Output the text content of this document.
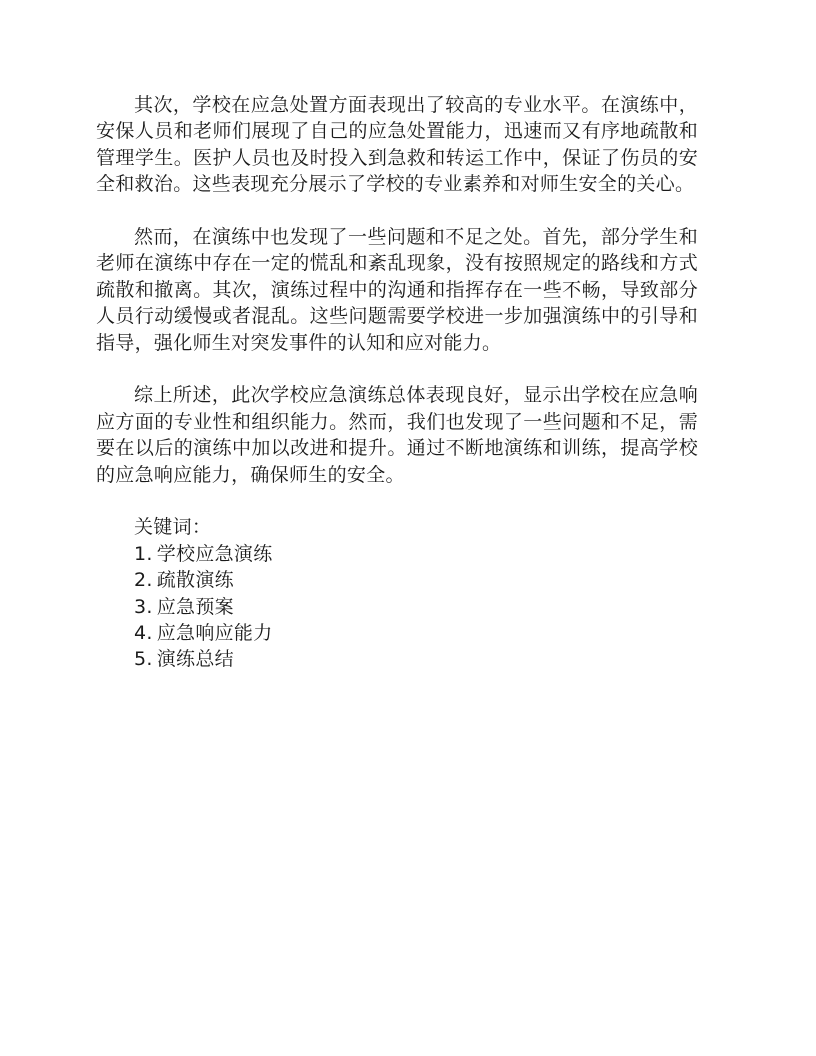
其次，学校在应急处置方面表现出了较高的专业水平。在演练中，安保人员和老师们展现了自己的应急处置能力，迅速而又有序地疏散和管理学生。医护人员也及时投入到急救和转运工作中，保证了伤员的安全和救治。这些表现充分展示了学校的专业素养和对师生安全的关心。

然而，在演练中也发现了一些问题和不足之处。首先，部分学生和老师在演练中存在一定的慌乱和紊乱现象，没有按照规定的路线和方式疏散和撤离。其次，演练过程中的沟通和指挥存在一些不畅，导致部分人员行动缓慢或者混乱。这些问题需要学校进一步加强演练中的引导和指导，强化师生对突发事件的认知和应对能力。

综上所述，此次学校应急演练总体表现良好，显示出学校在应急响应方面的专业性和组织能力。然而，我们也发现了一些问题和不足，需要在以后的演练中加以改进和提升。通过不断地演练和训练，提高学校的应急响应能力，确保师生的安全。

关键词：
1. 学校应急演练
2. 疏散演练
3. 应急预案
4. 应急响应能力
5. 演练总结
